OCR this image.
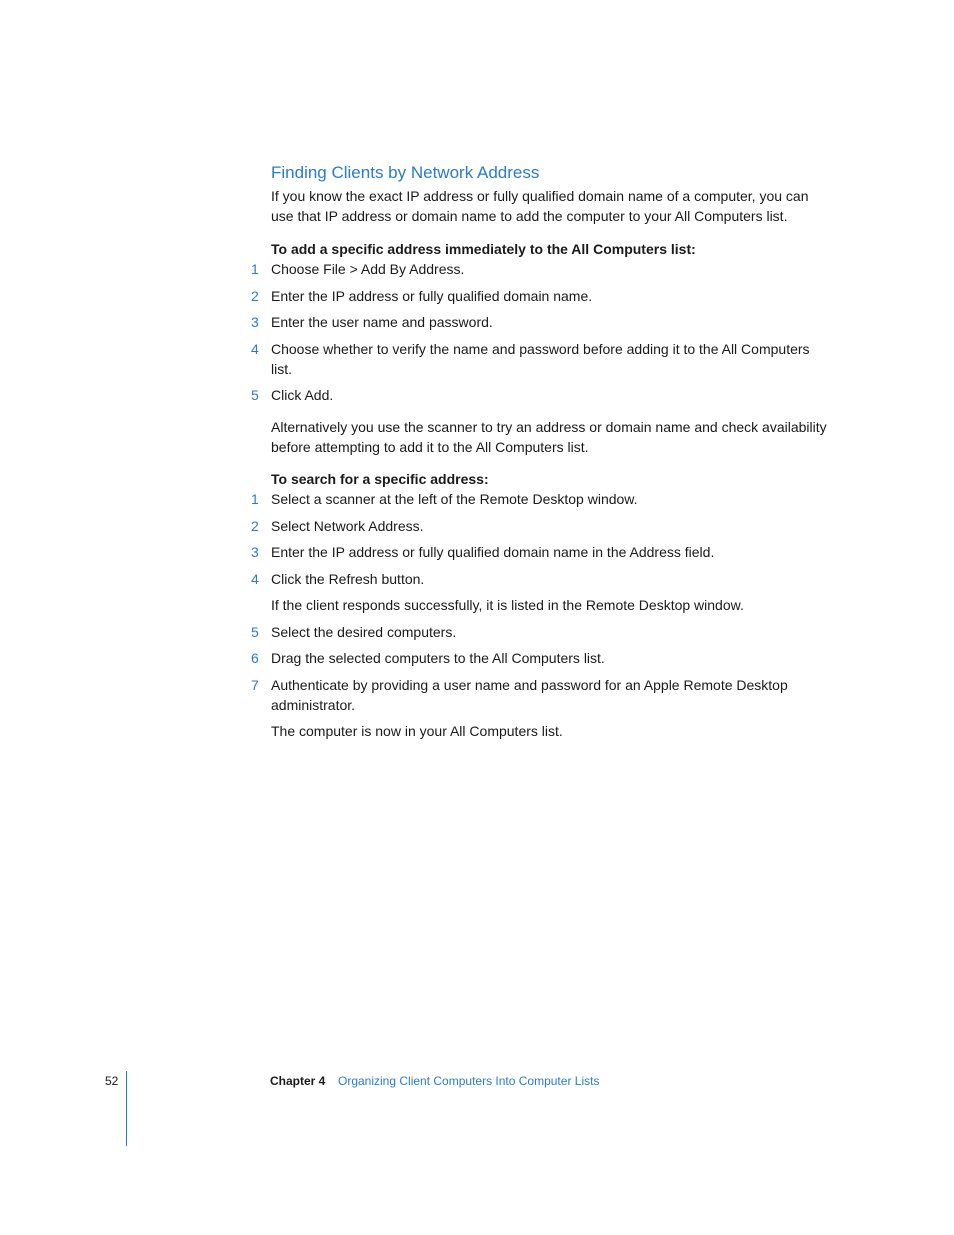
Finding Clients by Network Address

If you know the exact IP address or fully qualified domain name of a computer, you can use that IP address or domain name to add the computer to your All Computers list.

To add a specific address immediately to the All Computers list:

1 Choose File > Add By Address.
2 Enter the IP address or fully qualified domain name.
3 Enter the user name and password.
4 Choose whether to verify the name and password before adding it to the All Computers list.
5 Click Add.

Alternatively you use the scanner to try an address or domain name and check availability before attempting to add it to the All Computers list.

To search for a specific address:

1 Select a scanner at the left of the Remote Desktop window.
2 Select Network Address.
3 Enter the IP address or fully qualified domain name in the Address field.
4 Click the Refresh button.

If the client responds successfully, it is listed in the Remote Desktop window.

5 Select the desired computers.
6 Drag the selected computers to the All Computers list.
7 Authenticate by providing a user name and password for an Apple Remote Desktop administrator.

The computer is now in your All Computers list.

52	Chapter 4 Organizing Client Computers Into Computer Lists
